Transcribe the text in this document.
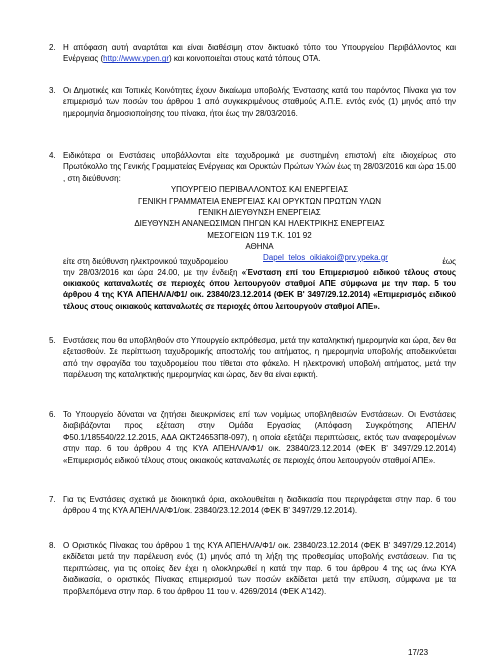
2. Η απόφαση αυτή αναρτάται και είναι διαθέσιμη στον δικτυακό τόπο του Υπουργείου Περιβάλλοντος και Ενέργειας (http://www.ypen.gr) και κοινοποιείται στους κατά τόπους ΟΤΑ.
3. Οι Δημοτικές και Τοπικές Κοινότητες έχουν δικαίωμα υποβολής Ένστασης κατά του παρόντος Πίνακα για τον επιμερισμό των ποσών του άρθρου 1 από συγκεκριμένους σταθμούς Α.Π.Ε. εντός ενός (1) μηνός από την ημερομηνία δημοσιοποίησης του πίνακα, ήτοι έως την 28/03/2016.
4. Ειδικότερα οι Ενστάσεις υποβάλλονται είτε ταχυδρομικά με συστημένη επιστολή είτε ιδιοχείρως στο Πρωτόκολλο της Γενικής Γραμματείας Ενέργειας και Ορυκτών Πρώτων Υλών έως τη 28/03/2016 και ώρα 15.00 , στη διεύθυνση:

ΥΠΟΥΡΓΕΙΟ ΠΕΡΙΒΑΛΛΟΝΤΟΣ ΚΑΙ ΕΝΕΡΓΕΙΑΣ
ΓΕΝΙΚΗ ΓΡΑΜΜΑΤΕΙΑ ΕΝΕΡΓΕΙΑΣ ΚΑΙ ΟΡΥΚΤΩΝ ΠΡΩΤΩΝ ΥΛΩΝ
ΓΕΝΙΚΗ ΔΙΕΥΘΥΝΣΗ ΕΝΕΡΓΕΙΑΣ
ΔΙΕΥΘΥΝΣΗ ΑΝΑΝΕΩΣΙΜΩΝ ΠΗΓΩΝ ΚΑΙ ΗΛΕΚΤΡΙΚΗΣ ΕΝΕΡΓΕΙΑΣ
ΜΕΣΟΓΕΙΩΝ 119 Τ.Κ. 101 92
ΑΘΗΝΑ
είτε στη διεύθυνση ηλεκτρονικού ταχυδρομείου	Dapel_telos_oikiakoi@prv.ypeka.gr	έως

την 28/03/2016 και ώρα 24.00, με την ένδειξη «Ένσταση επί του Επιμερισμού ειδικού τέλους στους οικιακούς καταναλωτές σε περιοχές όπου λειτουργούν σταθμοί ΑΠΕ σύμφωνα με την παρ. 5 του άρθρου 4 της ΚΥΑ ΑΠΕΗΛ/Α/Φ1/ οικ. 23840/23.12.2014 (ΦΕΚ Β' 3497/29.12.2014) «Επιμερισμός ειδικού τέλους στους οικιακούς καταναλωτές σε περιοχές όπου λειτουργούν σταθμοί ΑΠΕ».

5. Ενστάσεις που θα υποβληθούν στο Υπουργείο εκπρόθεσμα, μετά την καταληκτική ημερομηνία και ώρα, δεν θα εξετασθούν. Σε περίπτωση ταχυδρομικής αποστολής του αιτήματος, η ημερομηνία υποβολής αποδεικνύεται από την σφραγίδα του ταχυδρομείου που τίθεται στο φάκελο. Η ηλεκτρονική υποβολή αιτήματος, μετά την παρέλευση της καταληκτικής ημερομηνίας και ώρας, δεν θα είναι εφικτή.
6. Το Υπουργείο δύναται να ζητήσει διευκρινίσεις επί των νομίμως υποβληθεισών Ενστάσεων. Οι Ενστάσεις διαβιβάζονται προς εξέταση στην Ομάδα Εργασίας (Απόφαση Συγκρότησης ΑΠΕΗΛ/Φ50.1/185540/22.12.2015, ΑΔΑ ΩΚΤ24653Π8-097), η οποία εξετάζει περιπτώσεις, εκτός των αναφερομένων στην παρ. 6 του άρθρου 4 της ΚΥΑ ΑΠΕΗΛ/Α/Φ1/ οικ. 23840/23.12.2014 (ΦΕΚ Β' 3497/29.12.2014) «Επιμερισμός ειδικού τέλους στους οικιακούς καταναλωτές σε περιοχές όπου λειτουργούν σταθμοί ΑΠΕ».
7. Για τις Ενστάσεις σχετικά με διοικητικά όρια, ακολουθείται η διαδικασία που περιγράφεται στην παρ. 6 του άρθρου 4 της ΚΥΑ ΑΠΕΗΛ/Α/Φ1/οικ. 23840/23.12.2014 (ΦΕΚ Β' 3497/29.12.2014).
8. Ο Οριστικός Πίνακας του άρθρου 1 της ΚΥΑ ΑΠΕΗΛ/Α/Φ1/ οικ. 23840/23.12.2014 (ΦΕΚ Β' 3497/29.12.2014) εκδίδεται μετά την παρέλευση ενός (1) μηνός από τη λήξη της προθεσμίας υποβολής ενστάσεων. Για τις περιπτώσεις, για τις οποίες δεν έχει η ολοκληρωθεί η κατά την παρ. 6 του άρθρου 4 της ως άνω ΚΥΑ διαδικασία, ο οριστικός Πίνακας επιμερισμού των ποσών εκδίδεται μετά την επίλυση, σύμφωνα με τα προβλεπόμενα στην παρ. 6 του άρθρου 11 του ν. 4269/2014 (ΦΕΚ Α'142).
17/23
